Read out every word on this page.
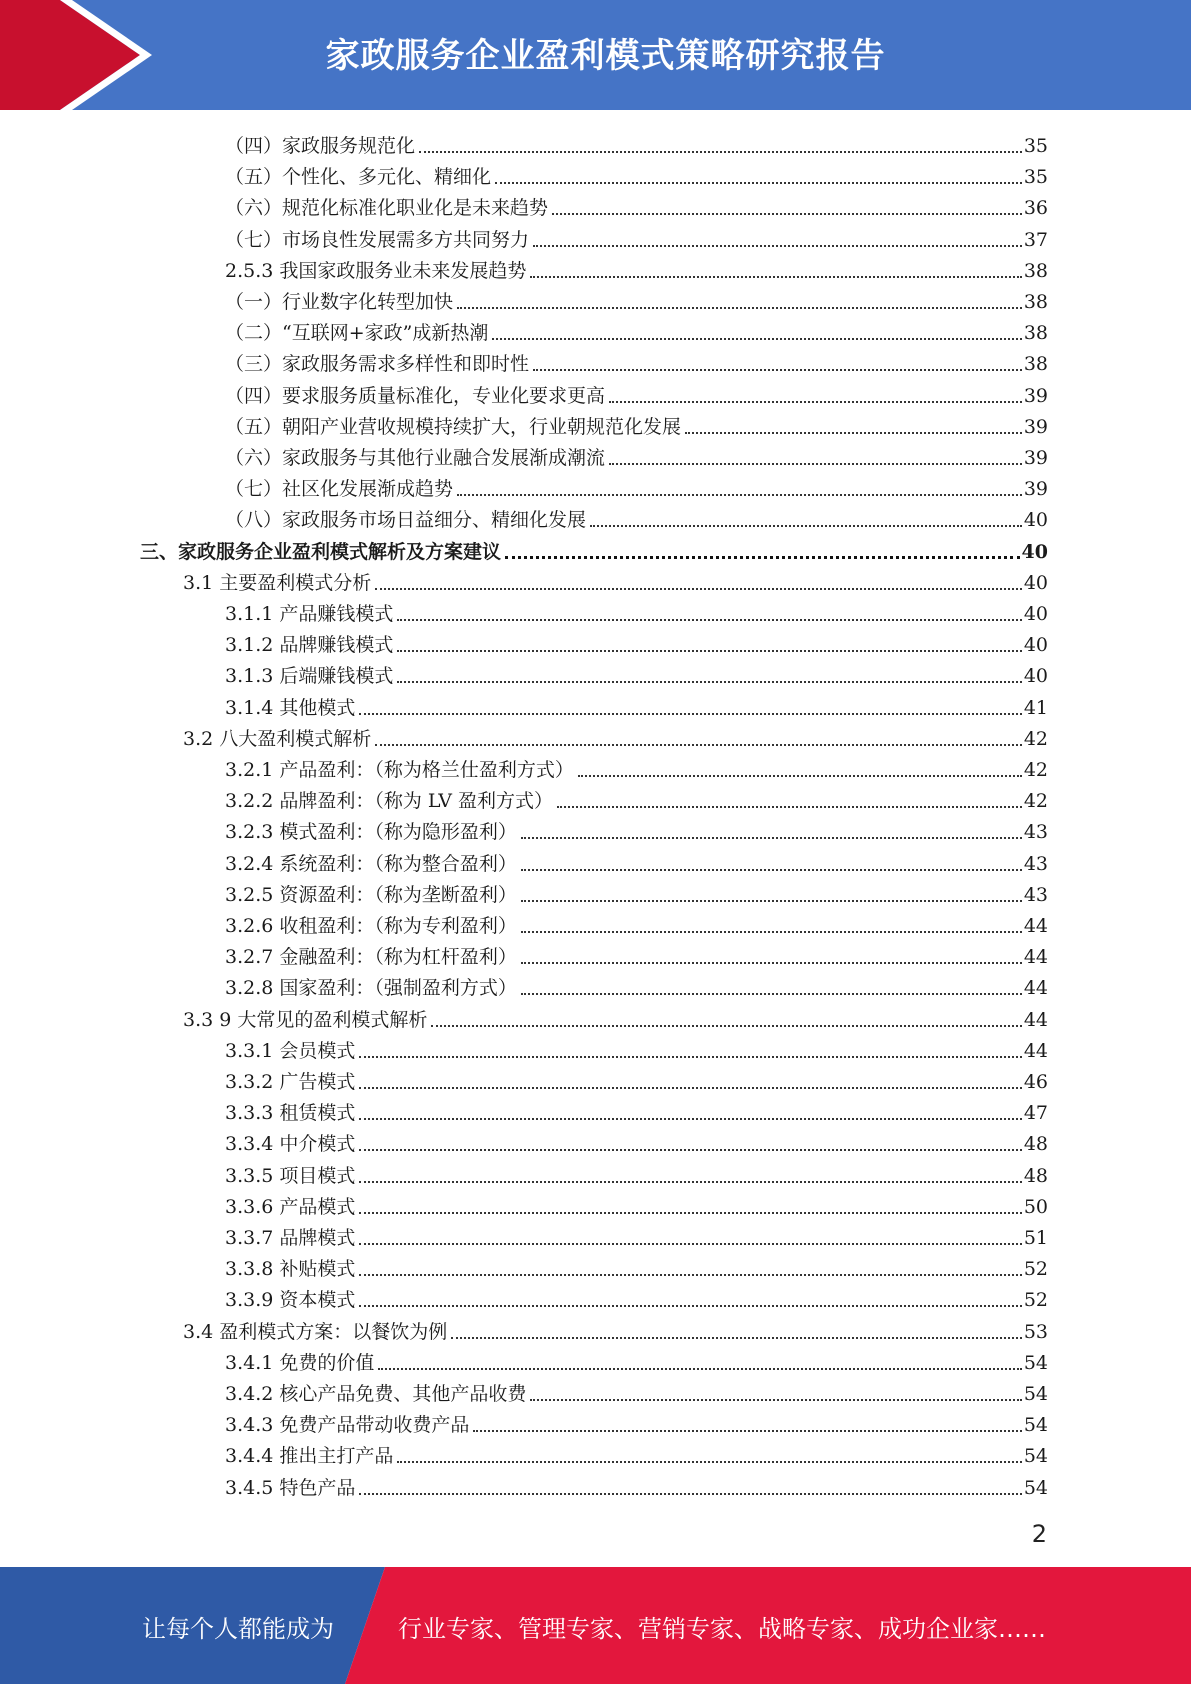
家政服务企业盈利模式策略研究报告
（四）家政服务规范化	35
（五）个性化、多元化、精细化	35
（六）规范化标准化职业化是未来趋势	36
（七）市场良性发展需多方共同努力	37
2.5.3 我国家政服务业未来发展趋势	38
（一）行业数字化转型加快	38
（二）“互联网+家政”成新热潮	38
（三）家政服务需求多样性和即时性	38
（四）要求服务质量标准化，专业化要求更高	39
（五）朝阳产业营收规模持续扩大，行业朝规范化发展	39
（六）家政服务与其他行业融合发展渐成潮流	39
（七）社区化发展渐成趋势	39
（八）家政服务市场日益细分、精细化发展	40
三、家政服务企业盈利模式解析及方案建议	40
3.1 主要盈利模式分析	40
3.1.1 产品赚钱模式	40
3.1.2 品牌赚钱模式	40
3.1.3 后端赚钱模式	40
3.1.4 其他模式	41
3.2 八大盈利模式解析	42
3.2.1 产品盈利：（称为格兰仕盈利方式）	42
3.2.2 品牌盈利：（称为 LV 盈利方式）	42
3.2.3 模式盈利：（称为隐形盈利）	43
3.2.4 系统盈利：（称为整合盈利）	43
3.2.5 资源盈利：（称为垄断盈利）	43
3.2.6 收租盈利：（称为专利盈利）	44
3.2.7 金融盈利：（称为杠杆盈利）	44
3.2.8 国家盈利：（强制盈利方式）	44
3.3 9 大常见的盈利模式解析	44
3.3.1 会员模式	44
3.3.2 广告模式	46
3.3.3 租赁模式	47
3.3.4 中介模式	48
3.3.5 项目模式	48
3.3.6 产品模式	50
3.3.7 品牌模式	51
3.3.8 补贴模式	52
3.3.9 资本模式	52
3.4 盈利模式方案：以餐饮为例	53
3.4.1 免费的价值	54
3.4.2 核心产品免费、其他产品收费	54
3.4.3 免费产品带动收费产品	54
3.4.4 推出主打产品	54
3.4.5 特色产品	54
2
让每个人都能成为	行业专家、管理专家、营销专家、战略专家、成功企业家……
